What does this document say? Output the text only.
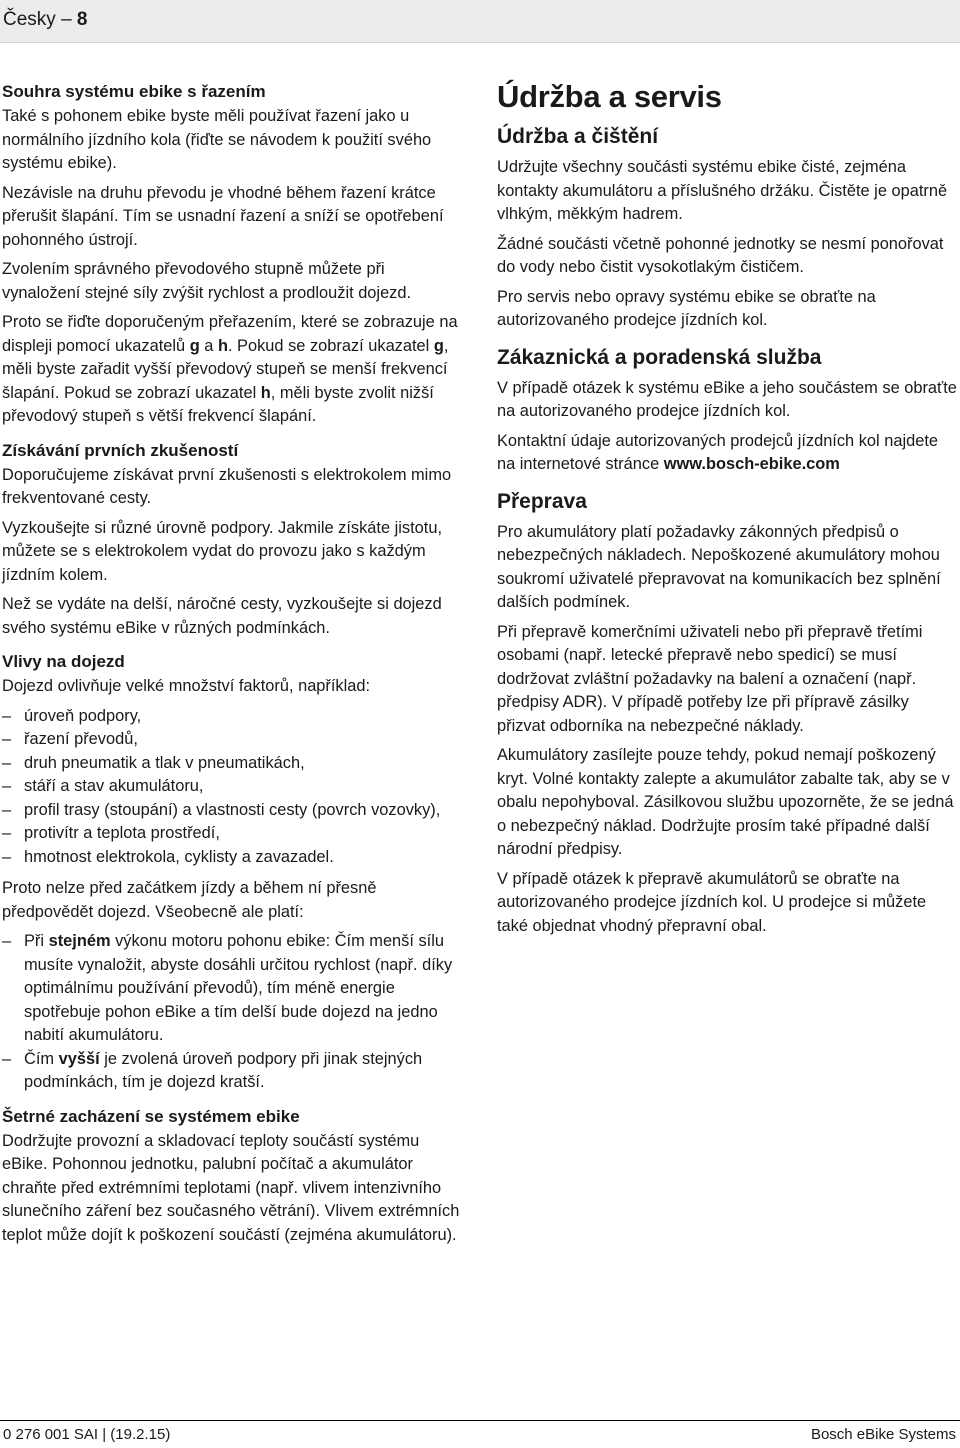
Česky – 8
Souhra systému ebike s řazením

Také s pohonem ebike byste měli používat řazení jako u normálního jízdního kola (řiďte se návodem k použití svého systému ebike).

Nezávisle na druhu převodu je vhodné během řazení krátce přerušit šlapání. Tím se usnadní řazení a sníží se opotřebení pohonného ústrojí.

Zvolením správného převodového stupně můžete při vynaložení stejné síly zvýšit rychlost a prodloužit dojezd.

Proto se řiďte doporučeným přeřazením, které se zobrazuje na displeji pomocí ukazatelů g a h. Pokud se zobrazí ukazatel g, měli byste zařadit vyšší převodový stupeň se menší frekvencí šlapání. Pokud se zobrazí ukazatel h, měli byste zvolit nižší převodový stupeň s větší frekvencí šlapání.

Získávání prvních zkušeností

Doporučujeme získávat první zkušenosti s elektrokolem mimo frekventované cesty.

Vyzkoušejte si různé úrovně podpory. Jakmile získáte jistotu, můžete se s elektrokolem vydat do provozu jako s každým jízdním kolem.

Než se vydáte na delší, náročné cesty, vyzkoušejte si dojezd svého systému eBike v různých podmínkách.

Vlivy na dojezd

Dojezd ovlivňuje velké množství faktorů, například:

– úroveň podpory,
– řazení převodů,
– druh pneumatik a tlak v pneumatikách,
– stáří a stav akumulátoru,
– profil trasy (stoupání) a vlastnosti cesty (povrch vozovky),
– protivítr a teplota prostředí,
– hmotnost elektrokola, cyklisty a zavazadel.

Proto nelze před začátkem jízdy a během ní přesně předpovědět dojezd. Všeobecně ale platí:

– Při stejném výkonu motoru pohonu ebike: Čím menší sílu musíte vynaložit, abyste dosáhli určitou rychlost (např. díky optimálnímu používání převodů), tím méně energie spotřebuje pohon eBike a tím delší bude dojezd na jedno nabití akumulátoru.
– Čím vyšší je zvolená úroveň podpory při jinak stejných podmínkách, tím je dojezd kratší.
Šetrné zacházení se systémem ebike

Dodržujte provozní a skladovací teploty součástí systému eBike. Pohonnou jednotku, palubní počítač a akumulátor chraňte před extrémními teplotami (např. vlivem intenzivního slunečního záření bez současného větrání). Vlivem extrémních teplot může dojít k poškození součástí (zejména akumulátoru).

Údržba a servis
Údržba a čištění

Udržujte všechny součásti systému ebike čisté, zejména kontakty akumulátoru a příslušného držáku. Čistěte je opatrně vlhkým, měkkým hadrem.

Žádné součásti včetně pohonné jednotky se nesmí ponořovat do vody nebo čistit vysokotlakým čističem.

Pro servis nebo opravy systému ebike se obraťte na autorizovaného prodejce jízdních kol.

Zákaznická a poradenská služba

V případě otázek k systému eBike a jeho součástem se obraťte na autorizovaného prodejce jízdních kol.

Kontaktní údaje autorizovaných prodejců jízdních kol najdete na internetové stránce www.bosch-ebike.com

Přeprava

Pro akumulátory platí požadavky zákonných předpisů o nebezpečných nákladech. Nepoškozené akumulátory mohou soukromí uživatelé přepravovat na komunikacích bez splnění dalších podmínek.

Při přepravě komerčními uživateli nebo při přepravě třetími osobami (např. letecké přepravě nebo spedicí) se musí dodržovat zvláštní požadavky na balení a označení (např. předpisy ADR). V případě potřeby lze při přípravě zásilky přizvat odborníka na nebezpečné náklady.

Akumulátory zasílejte pouze tehdy, pokud nemají poškozený kryt. Volné kontakty zalepte a akumulátor zabalte tak, aby se v obalu nepohyboval. Zásilkovou službu upozorněte, že se jedná o nebezpečný náklad. Dodržujte prosím také případné další národní předpisy.

V případě otázek k přepravě akumulátorů se obraťte na autorizovaného prodejce jízdních kol. U prodejce si můžete také objednat vhodný přepravní obal.

0 276 001 SAI | (19.2.15)	Bosch eBike Systems
